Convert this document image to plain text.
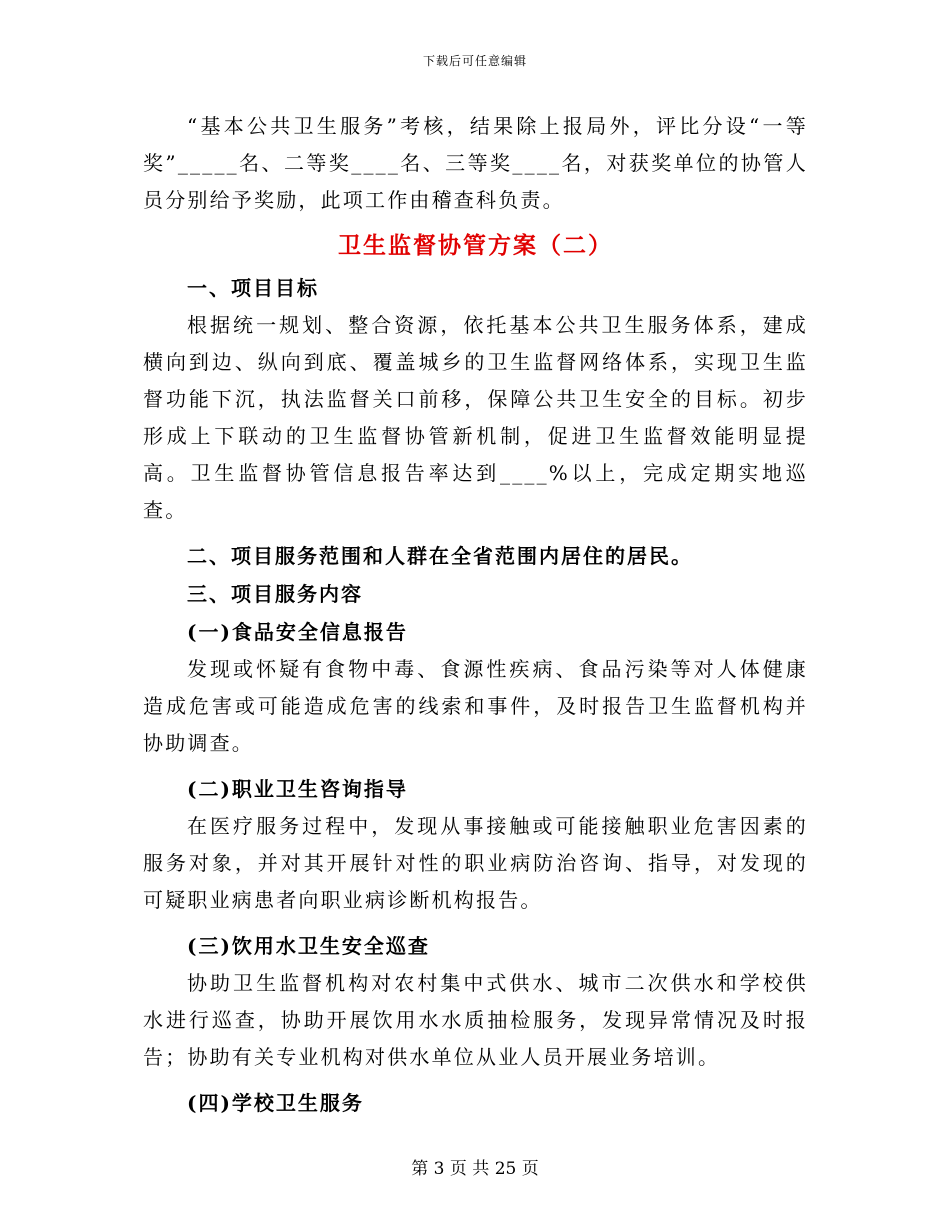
下载后可任意编辑

“基本公共卫生服务”考核，结果除上报局外，评比分设“一等奖”_____名、二等奖____名、三等奖____名，对获奖单位的协管人员分别给予奖励，此项工作由稽查科负责。

卫生监督协管方案（二）

一、项目目标

根据统一规划、整合资源，依托基本公共卫生服务体系，建成横向到边、纵向到底、覆盖城乡的卫生监督网络体系，实现卫生监督功能下沉，执法监督关口前移，保障公共卫生安全的目标。初步形成上下联动的卫生监督协管新机制，促进卫生监督效能明显提高。卫生监督协管信息报告率达到____%以上，完成定期实地巡查。

二、项目服务范围和人群在全省范围内居住的居民。

三、项目服务内容

(一)食品安全信息报告

发现或怀疑有食物中毒、食源性疾病、食品污染等对人体健康造成危害或可能造成危害的线索和事件，及时报告卫生监督机构并协助调查。

(二)职业卫生咨询指导

在医疗服务过程中，发现从事接触或可能接触职业危害因素的服务对象，并对其开展针对性的职业病防治咨询、指导，对发现的可疑职业病患者向职业病诊断机构报告。

(三)饮用水卫生安全巡查

协助卫生监督机构对农村集中式供水、城市二次供水和学校供水进行巡查，协助开展饮用水水质抽检服务，发现异常情况及时报告；协助有关专业机构对供水单位从业人员开展业务培训。

(四)学校卫生服务

第 3 页 共 25 页
